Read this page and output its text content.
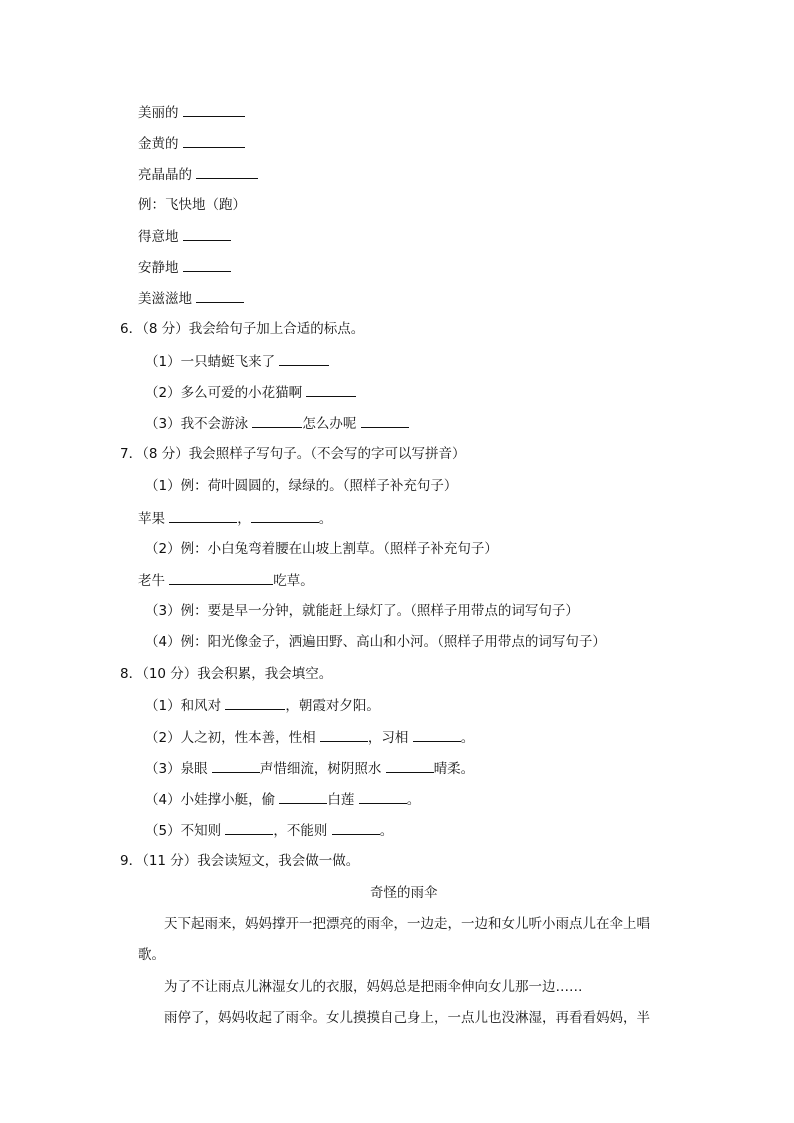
美丽的
金黄的
亮晶晶的
例：飞快地（跑）
得意地
安静地
美滋滋地
6．（8 分）我会给句子加上合适的标点。
（1）一只蜻蜓飞来了
（2）多么可爱的小花猫啊
（3）我不会游泳	怎么办呢
7．（8 分）我会照样子写句子。（不会写的字可以写拼音）
（1）例：荷叶圆圆的，绿绿的。（照样子补充句子）
苹果	，	。
（2）例：小白兔弯着腰在山坡上割草。（照样子补充句子）
老牛	吃草。
（3）例：要是早一分钟，就能赶上绿灯了。（照样子用带点的词写句子）
（4）例：阳光像金子，洒遍田野、高山和小河。（照样子用带点的词写句子）
8．（10 分）我会积累，我会填空。
（1）和风对	，朝霞对夕阳。
（2）人之初，性本善，性相	，习相	。
（3）泉眼	声惜细流，树阴照水	晴柔。
（4）小娃撑小艇，偷	白莲	。
（5）不知则	，不能则	。
9．（11 分）我会读短文，我会做一做。
奇怪的雨伞
天下起雨来，妈妈撑开一把漂亮的雨伞，一边走，一边和女儿听小雨点儿在伞上唱
歌。
为了不让雨点儿淋湿女儿的衣服，妈妈总是把雨伞伸向女儿那一边……
雨停了，妈妈收起了雨伞。女儿摸摸自己身上，一点儿也没淋湿，再看看妈妈，半
